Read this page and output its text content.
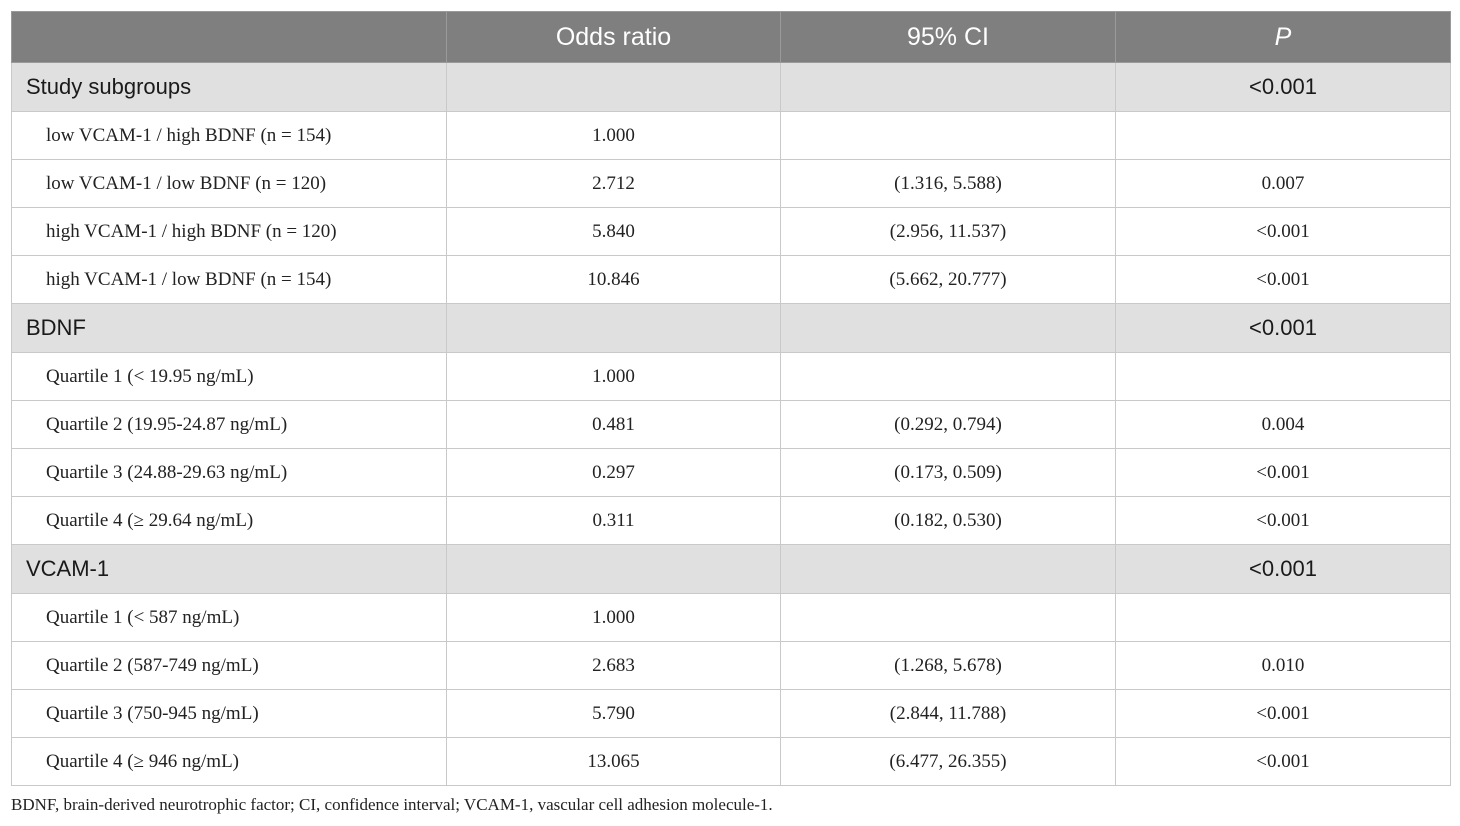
	Odds ratio	95% CI	P
Study subgroups			<0.001
low VCAM-1 / high BDNF (n = 154)	1.000		
low VCAM-1 / low BDNF (n = 120)	2.712	(1.316, 5.588)	0.007
high VCAM-1 / high BDNF (n = 120)	5.840	(2.956, 11.537)	<0.001
high VCAM-1 / low BDNF (n = 154)	10.846	(5.662, 20.777)	<0.001
BDNF			<0.001
Quartile 1 (< 19.95 ng/mL)	1.000		
Quartile 2 (19.95-24.87 ng/mL)	0.481	(0.292, 0.794)	0.004
Quartile 3 (24.88-29.63 ng/mL)	0.297	(0.173, 0.509)	<0.001
Quartile 4 (≥ 29.64 ng/mL)	0.311	(0.182, 0.530)	<0.001
VCAM-1			<0.001
Quartile 1 (< 587 ng/mL)	1.000		
Quartile 2 (587-749 ng/mL)	2.683	(1.268, 5.678)	0.010
Quartile 3 (750-945 ng/mL)	5.790	(2.844, 11.788)	<0.001
Quartile 4 (≥ 946 ng/mL)	13.065	(6.477, 26.355)	<0.001
BDNF, brain-derived neurotrophic factor; CI, confidence interval; VCAM-1, vascular cell adhesion molecule-1.
